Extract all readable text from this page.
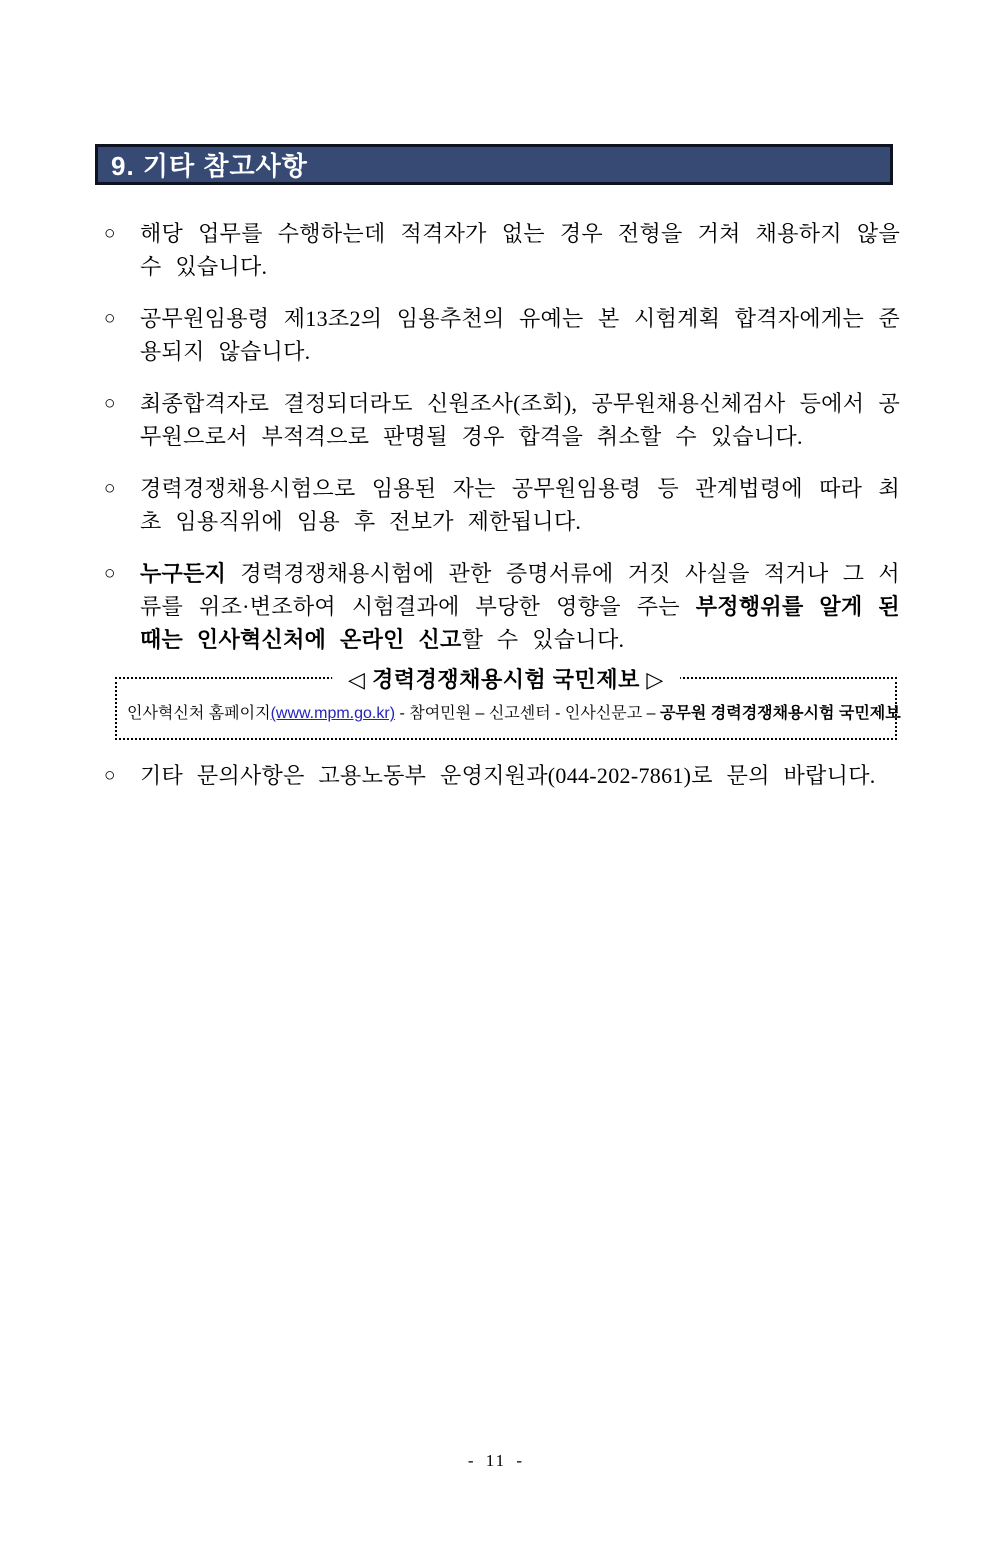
9. 기타 참고사항
○	해당 업무를 수행하는데 적격자가 없는 경우 전형을 거쳐 채용하지 않을 수 있습니다.

○	공무원임용령 제13조2의 임용추천의 유예는 본 시험계획 합격자에게는 준용되지 않습니다.

○	최종합격자로 결정되더라도 신원조사(조회), 공무원채용신체검사 등에서 공무원으로서 부적격으로 판명될 경우 합격을 취소할 수 있습니다.

○	경력경쟁채용시험으로 임용된 자는 공무원임용령 등 관계법령에 따라 최초 임용직위에 임용 후 전보가 제한됩니다.

○	누구든지 경력경쟁채용시험에 관한 증명서류에 거짓 사실을 적거나 그 서류를 위조·변조하여 시험결과에 부당한 영향을 주는 부정행위를 알게 된 때는 인사혁신처에 온라인 신고할 수 있습니다.

◁ 경력경쟁채용시험 국민제보 ▷

인사혁신처 홈페이지(www.mpm.go.kr) - 참여민원 – 신고센터 - 인사신문고 – 공무원 경력경쟁채용시험 국민제보

○	기타 문의사항은 고용노동부 운영지원과(044-202-7861)로 문의 바랍니다.

- 11 -
